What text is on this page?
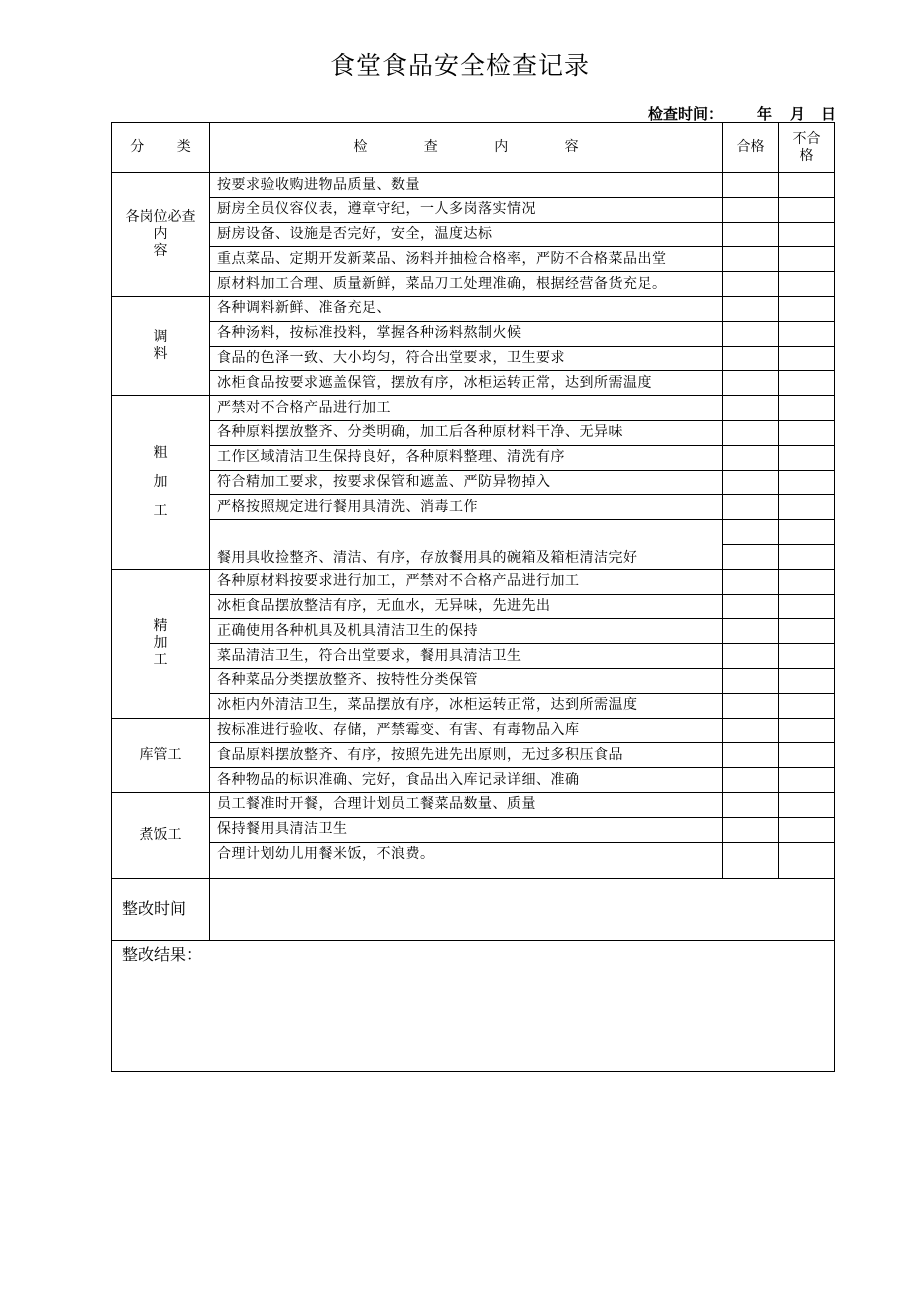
食堂食品安全检查记录
检查时间： 年 月 日
分 类	检 查 内 容	合格	不合
格

各岗位必查
内
容	按要求验收购进物品质量、数量		
	厨房全员仪容仪表，遵章守纪，一人多岗落实情况		
	厨房设备、设施是否完好，安全，温度达标		
	重点菜品、定期开发新菜品、汤料并抽检合格率，严防不合格菜品出堂		
	原材料加工合理、质量新鲜，菜品刀工处理准确，根据经营备货充足。		

调
料	各种调料新鲜、准备充足、		
	各种汤料，按标准投料，掌握各种汤料熬制火候		
	食品的色泽一致、大小均匀，符合出堂要求，卫生要求		
	冰柜食品按要求遮盖保管，摆放有序，冰柜运转正常，达到所需温度		

粗
加
工	严禁对不合格产品进行加工		
	各种原料摆放整齐、分类明确，加工后各种原材料干净、无异味		
	工作区域清洁卫生保持良好，各种原料整理、清洗有序		
	符合精加工要求，按要求保管和遮盖、严防异物掉入		
	严格按照规定进行餐用具清洗、消毒工作		
	餐用具收捡整齐、清洁、有序，存放餐用具的碗箱及箱柜清洁完好		

精
加
工	各种原材料按要求进行加工，严禁对不合格产品进行加工		
	冰柜食品摆放整洁有序，无血水，无异味，先进先出		
	正确使用各种机具及机具清洁卫生的保持		
	菜品清洁卫生，符合出堂要求，餐用具清洁卫生		
	各种菜品分类摆放整齐、按特性分类保管		
	冰柜内外清洁卫生，菜品摆放有序，冰柜运转正常，达到所需温度		

库管工	按标准进行验收、存储，严禁霉变、有害、有毒物品入库		
	食品原料摆放整齐、有序，按照先进先出原则，无过多积压食品		
	各种物品的标识准确、完好，食品出入库记录详细、准确		

煮饭工	员工餐准时开餐，合理计划员工餐菜品数量、质量		
	保持餐用具清洁卫生		
	合理计划幼儿用餐米饭，不浪费。		
整改时间			
整改结果：			
